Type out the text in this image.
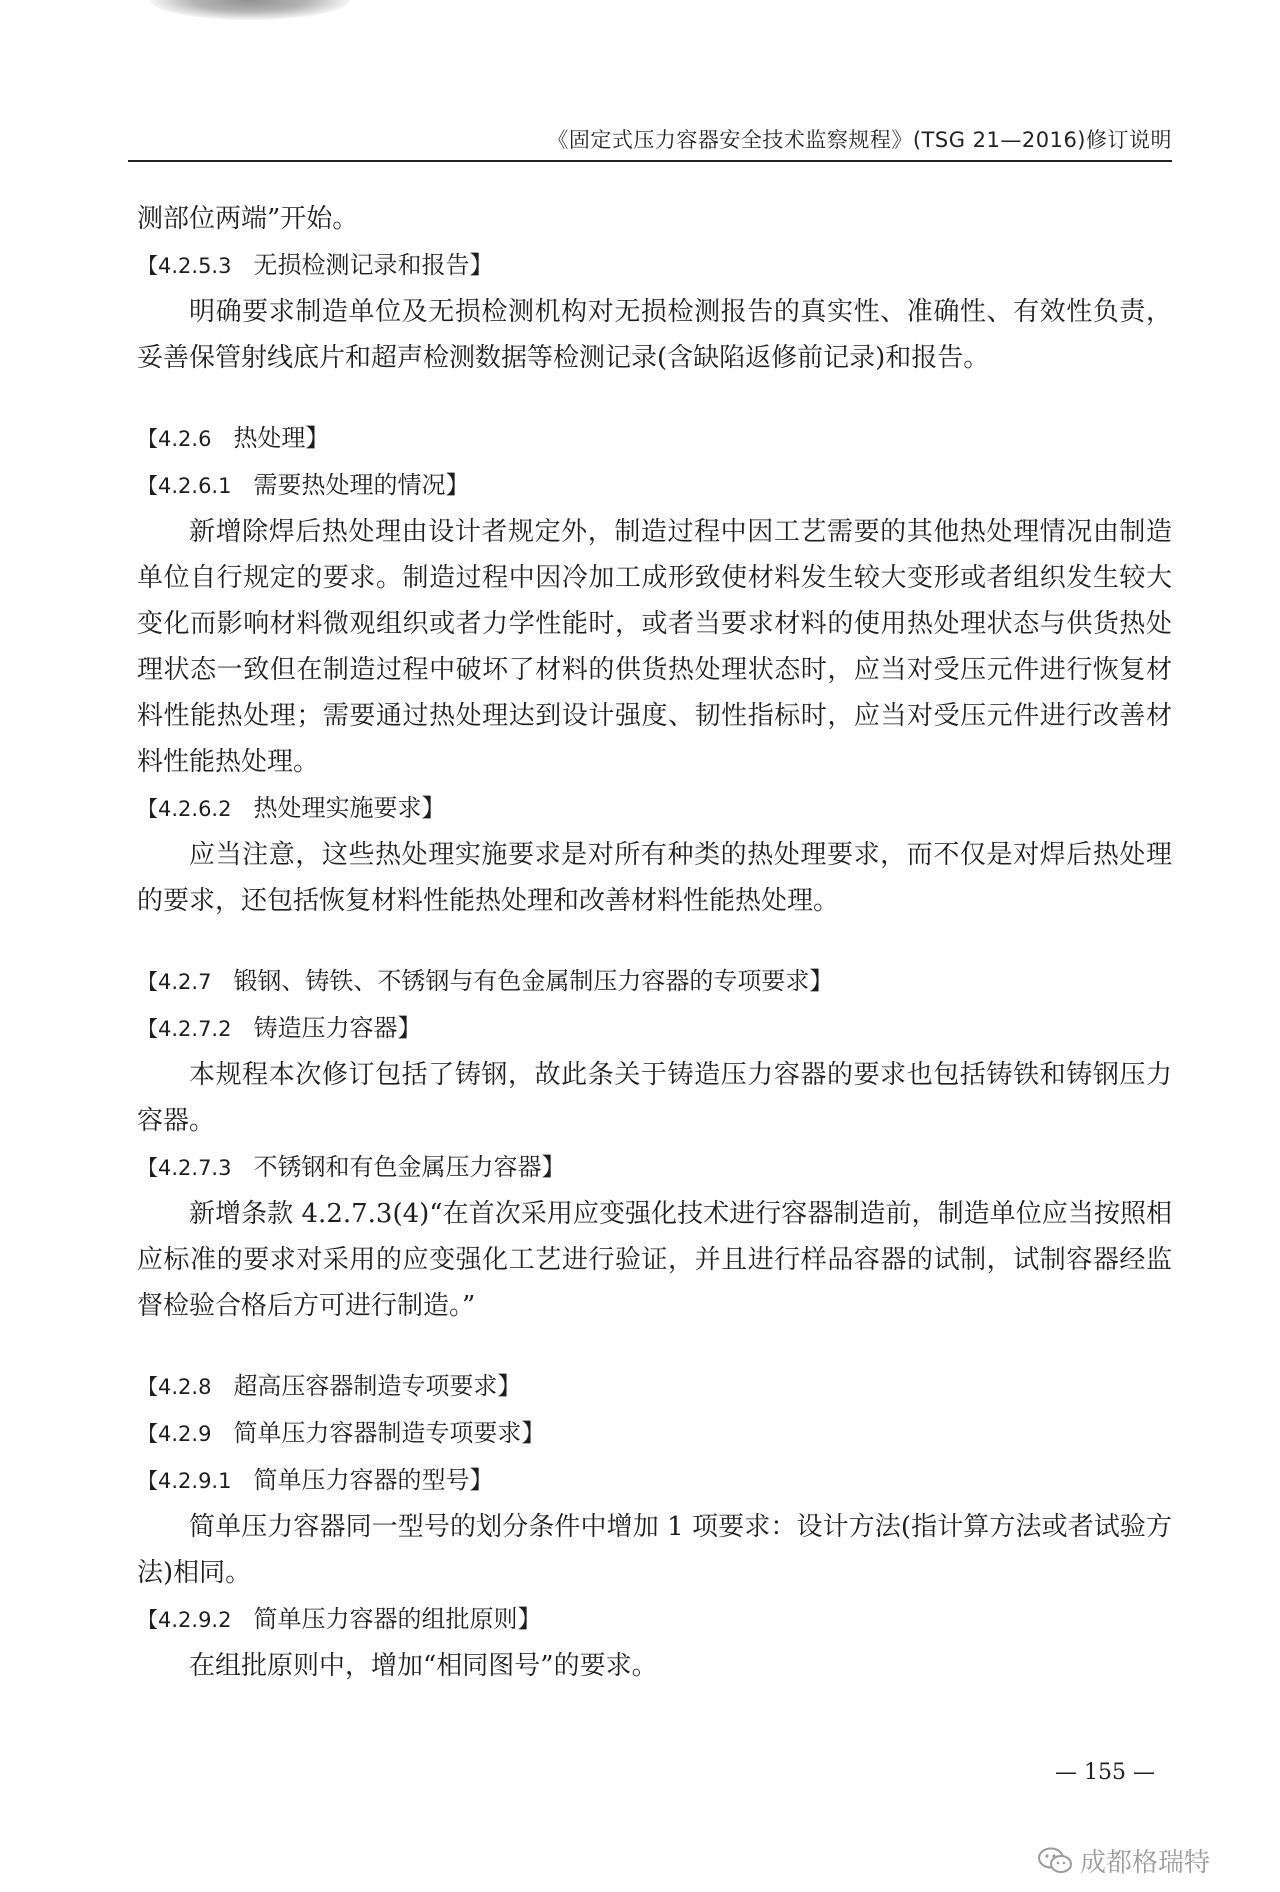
《固定式压力容器安全技术监察规程》(TSG 21—2016)修订说明

测部位两端”开始。

【4.2.5.3 无损检测记录和报告】

明确要求制造单位及无损检测机构对无损检测报告的真实性、准确性、有效性负责，妥善保管射线底片和超声检测数据等检测记录(含缺陷返修前记录)和报告。

【4.2.6 热处理】
【4.2.6.1 需要热处理的情况】

新增除焊后热处理由设计者规定外，制造过程中因工艺需要的其他热处理情况由制造单位自行规定的要求。制造过程中因冷加工成形致使材料发生较大变形或者组织发生较大变化而影响材料微观组织或者力学性能时，或者当要求材料的使用热处理状态与供货热处理状态一致但在制造过程中破坏了材料的供货热处理状态时，应当对受压元件进行恢复材料性能热处理；需要通过热处理达到设计强度、韧性指标时，应当对受压元件进行改善材料性能热处理。

【4.2.6.2 热处理实施要求】

应当注意，这些热处理实施要求是对所有种类的热处理要求，而不仅是对焊后热处理的要求，还包括恢复材料性能热处理和改善材料性能热处理。

【4.2.7 锻钢、铸铁、不锈钢与有色金属制压力容器的专项要求】
【4.2.7.2 铸造压力容器】

本规程本次修订包括了铸钢，故此条关于铸造压力容器的要求也包括铸铁和铸钢压力容器。

【4.2.7.3 不锈钢和有色金属压力容器】

新增条款 4.2.7.3(4)“在首次采用应变强化技术进行容器制造前，制造单位应当按照相应标准的要求对采用的应变强化工艺进行验证，并且进行样品容器的试制，试制容器经监督检验合格后方可进行制造。”

【4.2.8 超高压容器制造专项要求】
【4.2.9 简单压力容器制造专项要求】
【4.2.9.1 简单压力容器的型号】

简单压力容器同一型号的划分条件中增加 1 项要求：设计方法(指计算方法或者试验方法)相同。

【4.2.9.2 简单压力容器的组批原则】

在组批原则中，增加“相同图号”的要求。

— 155 —
成都格瑞特
